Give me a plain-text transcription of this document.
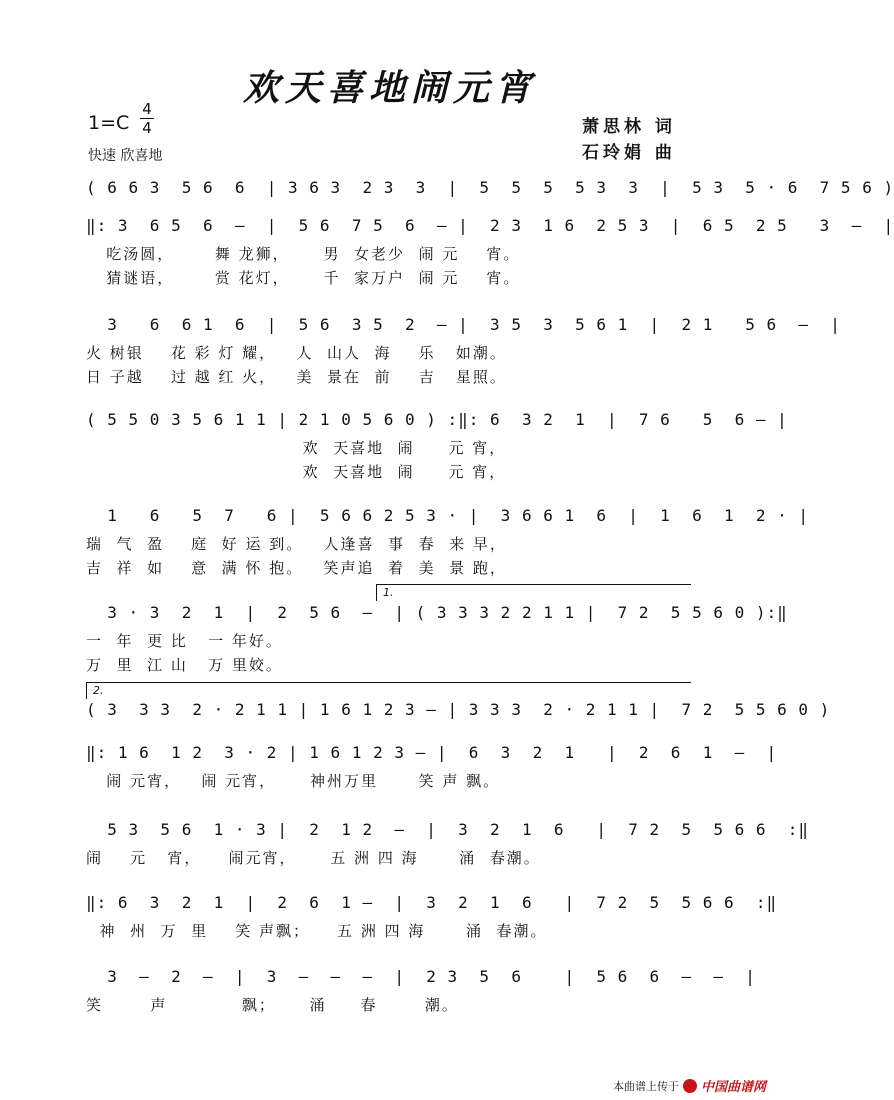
欢天喜地闹元宵
1=C
4
4
快速 欣喜地
萧思林 词
石玲娟 曲
( 6 6 3  5 6  6  | 3 6 3  2 3  3  |  5  5  5  5 3  3  |  5 3  5 · 6  7 5 6 )
‖: 3  6 5  6  –  |  5 6  7 5  6  – |  2 3  1 6  2 5 3  |  6 5  2 5   3  –  |
吃汤圆，      舞 龙狮，     男  女老少  闹 元    宵。
猜谜语，      赏 花灯，     千  家万户  闹 元    宵。
3   6  6 1  6  |  5 6  3 5  2  – |  3 5  3  5 6 1  |  2 1   5 6  –  |
火 树银    花 彩 灯 耀，   人  山人  海    乐   如潮。
日 子越    过 越 红 火，   美  景在  前    吉   星照。
( 5 5 0 3 5 6 1 1 | 2 1 0 5 6 0 ) :‖: 6  3 2  1  |  7 6   5  6 – |
欢  天喜地  闹     元 宵，
欢  天喜地  闹     元 宵，
1   6   5  7   6 |  5 6 6 2 5 3 · |  3 6 6 1  6  |  1  6  1  2 · |
瑞  气  盈    庭  好 运 到。   人逢喜  事  春  来 早，
吉  祥  如    意  满 怀 抱。   笑声追  着  美  景 跑，
3 · 3  2  1  |  2  5 6  –  | ( 3 3 3 2 2 1 1 |  7 2  5 5 6 0 ):‖
一  年  更 比   一 年好。
万  里  江 山   万 里姣。
( 3  3 3  2 · 2 1 1 | 1 6 1 2 3 – | 3 3 3  2 · 2 1 1 |  7 2  5 5 6 0 )
‖: 1 6  1 2  3 · 2 | 1 6 1 2 3 – |  6  3  2  1   |  2  6  1  –  |
闹 元宵，   闹 元宵，     神州万里      笑 声 飘。
5 3  5 6  1 · 3 |  2  1 2  –  |  3  2  1  6   |  7 2  5  5 6 6  :‖
闹    元   宵，    闹元宵，     五 洲 四 海      涌  春潮。
‖: 6  3  2  1  |  2  6  1 –  |  3  2  1  6   |  7 2  5  5 6 6  :‖
神  州  万  里    笑 声飘；    五 洲 四 海      涌  春潮。
3  –  2  –  |  3  –  –  –  |  2 3  5  6    |  5 6  6  –  –  |
笑       声           飘；     涌     春       潮。
1.
2.
本曲谱上传于 中国曲谱网
